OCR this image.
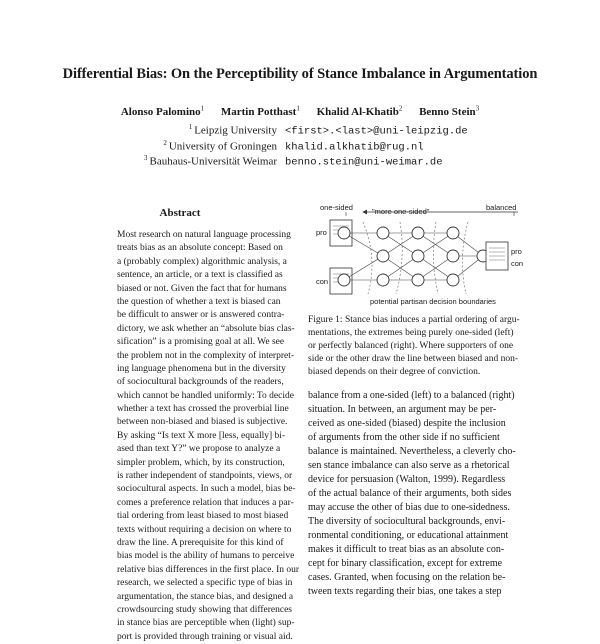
Differential Bias: On the Perceptibility of Stance Imbalance in Argumentation
Alonso Palomino$^1$ Martin Potthast$^1$ Khalid Al-Khatib$^2$ Benno Stein$^3$
$^1$ Leipzig University <first>.<last>@uni-leipzig.de
$^2$ University of Groningen khalid.alkhatib@rug.nl
$^3$ Bauhaus-Universität Weimar benno.stein@uni-weimar.de
Abstract
Most research on natural language processing
treats bias as an absolute concept: Based on
a (probably complex) algorithmic analysis, a
sentence, an article, or a text is classified as
biased or not. Given the fact that for humans
the question of whether a text is biased can
be difficult to answer or is answered contra-
dictory, we ask whether an “absolute bias clas-
sification” is a promising goal at all. We see
the problem not in the complexity of interpret-
ing language phenomena but in the diversity
of sociocultural backgrounds of the readers,
which cannot be handled uniformly: To decide
whether a text has crossed the proverbial line
between non-biased and biased is subjective.
By asking “Is text X more [less, equally] bi-
ased than text Y?” we propose to analyze a
simpler problem, which, by its construction,
is rather independent of standpoints, views, or
sociocultural aspects. In such a model, bias be-
comes a preference relation that induces a par-
tial ordering from least biased to most biased
texts without requiring a decision on where to
draw the line. A prerequisite for this kind of
bias model is the ability of humans to perceive
relative bias differences in the first place. In our
research, we selected a specific type of bias in
argumentation, the stance bias, and designed a
crowdsourcing study showing that differences
in stance bias are perceptible when (light) sup-
port is provided through training or visual aid.
one-sided	"more one-sided"	balanced
pro
con
pro
con
potential partisan decision boundaries
Figure 1: Stance bias induces a partial ordering of argu-
mentations, the extremes being purely one-sided (left)
or perfectly balanced (right). Where supporters of one
side or the other draw the line between biased and non-
biased depends on their degree of conviction.
balance from a one-sided (left) to a balanced (right)
situation. In between, an argument may be per-
ceived as one-sided (biased) despite the inclusion
of arguments from the other side if no sufficient
balance is maintained. Nevertheless, a cleverly cho-
sen stance imbalance can also serve as a rhetorical
device for persuasion (Walton, 1999). Regardless
of the actual balance of their arguments, both sides
may accuse the other of bias due to one-sidedness.
The diversity of sociocultural backgrounds, envi-
ronmental conditioning, or educational attainment
makes it difficult to treat bias as an absolute con-
cept for binary classification, except for extreme
cases. Granted, when focusing on the relation be-
tween texts regarding their bias, one takes a step
